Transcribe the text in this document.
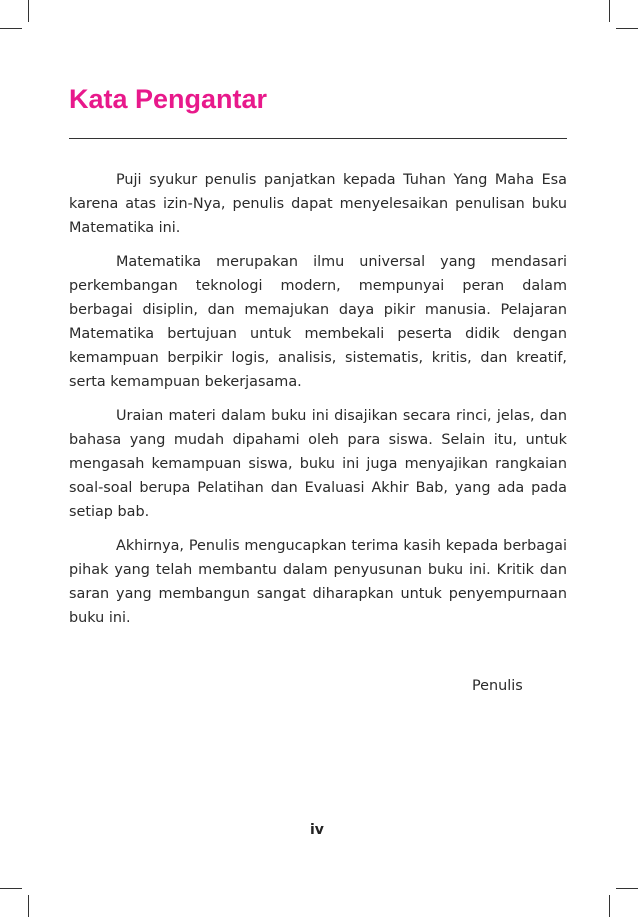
Kata Pengantar

Puji syukur penulis panjatkan kepada Tuhan Yang Maha Esa karena atas izin-Nya, penulis dapat menyelesaikan penulisan buku Matematika ini.

Matematika merupakan ilmu universal yang mendasari perkembangan teknologi modern, mempunyai peran dalam berbagai disiplin, dan memajukan daya pikir manusia. Pelajaran Matematika bertujuan untuk membekali peserta didik dengan kemampuan berpikir logis, analisis, sistematis, kritis, dan kreatif, serta kemampuan bekerjasama.

Uraian materi dalam buku ini disajikan secara rinci, jelas, dan bahasa yang mudah dipahami oleh para siswa. Selain itu, untuk mengasah kemampuan siswa, buku ini juga menyajikan rangkaian soal-soal berupa Pelatihan dan Evaluasi Akhir Bab, yang ada pada setiap bab.

Akhirnya, Penulis mengucapkan terima kasih kepada berbagai pihak yang telah membantu dalam penyusunan buku ini. Kritik dan saran yang membangun sangat diharapkan untuk penyempurnaan buku ini.

Penulis
iv
